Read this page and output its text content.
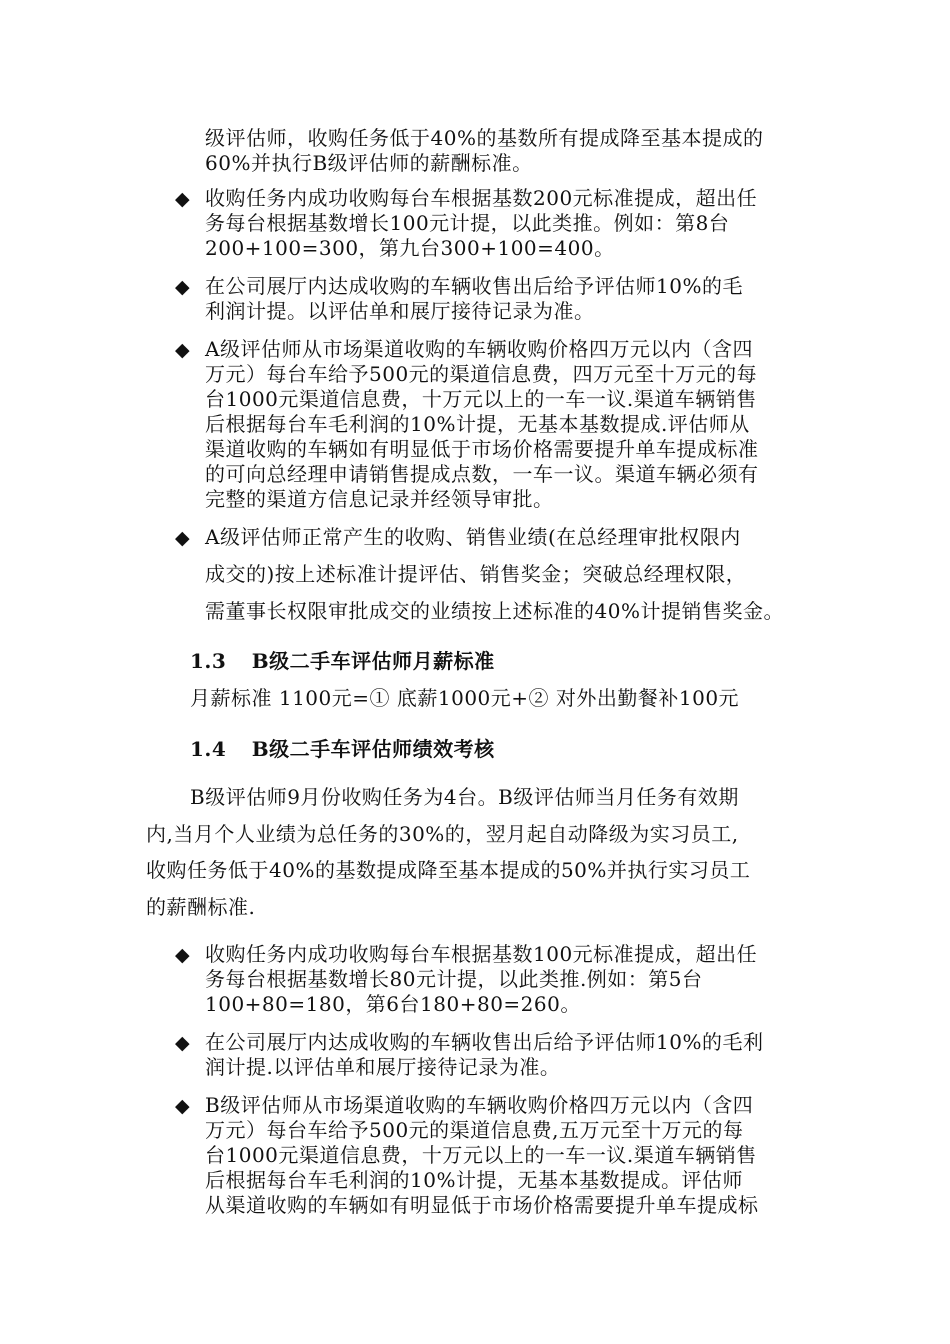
级评估师，收购任务低于40%的基数所有提成降至基本提成的
60%并执行B级评估师的薪酬标准。
◆ 收购任务内成功收购每台车根据基数200元标准提成，超出任
务每台根据基数增长100元计提，以此类推。例如：第8台
200+100=300，第九台300+100=400。
◆ 在公司展厅内达成收购的车辆收售出后给予评估师10%的毛
利润计提。以评估单和展厅接待记录为准。
◆ A级评估师从市场渠道收购的车辆收购价格四万元以内（含四
万元）每台车给予500元的渠道信息费，四万元至十万元的每
台1000元渠道信息费，十万元以上的一车一议.渠道车辆销售
后根据每台车毛利润的10%计提，无基本基数提成.评估师从
渠道收购的车辆如有明显低于市场价格需要提升单车提成标准
的可向总经理申请销售提成点数，一车一议。渠道车辆必须有
完整的渠道方信息记录并经领导审批。
◆ A级评估师正常产生的收购、销售业绩(在总经理审批权限内
成交的)按上述标准计提评估、销售奖金；突破总经理权限，
需董事长权限审批成交的业绩按上述标准的40%计提销售奖金。
1.3 B级二手车评估师月薪标准
月薪标准 1100元=① 底薪1000元+② 对外出勤餐补100元
1.4 B级二手车评估师绩效考核
B级评估师9月份收购任务为4台。B级评估师当月任务有效期
内,当月个人业绩为总任务的30%的，翌月起自动降级为实习员工,
收购任务低于40%的基数提成降至基本提成的50%并执行实习员工
的薪酬标准.
◆ 收购任务内成功收购每台车根据基数100元标准提成，超出任
务每台根据基数增长80元计提，以此类推.例如：第5台
100+80=180，第6台180+80=260。
◆ 在公司展厅内达成收购的车辆收售出后给予评估师10%的毛利
润计提.以评估单和展厅接待记录为准。
◆ B级评估师从市场渠道收购的车辆收购价格四万元以内（含四
万元）每台车给予500元的渠道信息费,五万元至十万元的每
台1000元渠道信息费，十万元以上的一车一议.渠道车辆销售
后根据每台车毛利润的10%计提，无基本基数提成。评估师
从渠道收购的车辆如有明显低于市场价格需要提升单车提成标
